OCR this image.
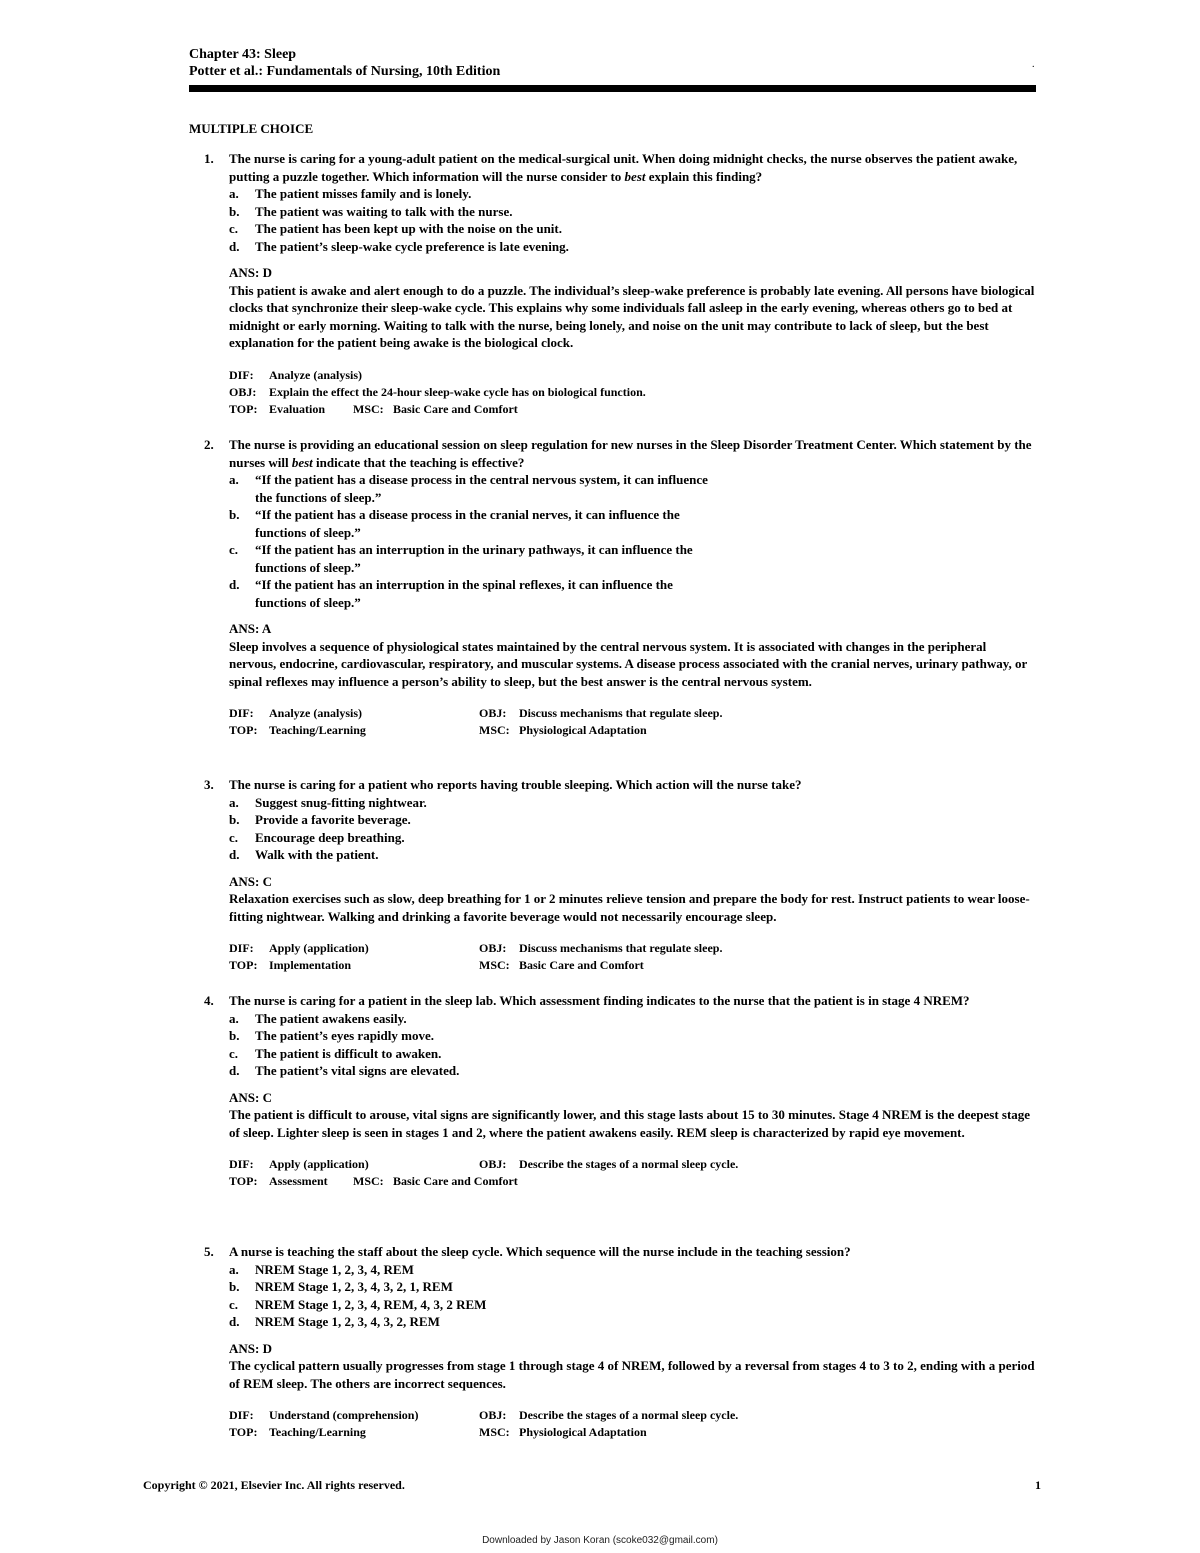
Chapter 43: Sleep
Potter et al.: Fundamentals of Nursing, 10th Edition	.
MULTIPLE CHOICE
1. The nurse is caring for a young-adult patient on the medical-surgical unit. When doing midnight checks, the nurse observes the patient awake, putting a puzzle together. Which information will the nurse consider to best explain this finding?
a. The patient misses family and is lonely.
b. The patient was waiting to talk with the nurse.
c. The patient has been kept up with the noise on the unit.
d. The patient’s sleep-wake cycle preference is late evening.
ANS: D
This patient is awake and alert enough to do a puzzle. The individual’s sleep-wake preference is probably late evening. All persons have biological clocks that synchronize their sleep-wake cycle. This explains why some individuals fall asleep in the early evening, whereas others go to bed at midnight or early morning. Waiting to talk with the nurse, being lonely, and noise on the unit may contribute to lack of sleep, but the best explanation for the patient being awake is the biological clock.
DIF: Analyze (analysis)
OBJ: Explain the effect the 24-hour sleep-wake cycle has on biological function.
TOP: Evaluation MSC: Basic Care and Comfort
2. The nurse is providing an educational session on sleep regulation for new nurses in the Sleep Disorder Treatment Center. Which statement by the nurses will best indicate that the teaching is effective?
a. “If the patient has a disease process in the central nervous system, it can influence
the functions of sleep.”
b. “If the patient has a disease process in the cranial nerves, it can influence the
functions of sleep.”
c. “If the patient has an interruption in the urinary pathways, it can influence the
functions of sleep.”
d. “If the patient has an interruption in the spinal reflexes, it can influence the
functions of sleep.”
ANS: A
Sleep involves a sequence of physiological states maintained by the central nervous system. It is associated with changes in the peripheral nervous, endocrine, cardiovascular, respiratory, and muscular systems. A disease process associated with the cranial nerves, urinary pathway, or spinal reflexes may influence a person’s ability to sleep, but the best answer is the central nervous system.
DIF: Analyze (analysis)	OBJ: Discuss mechanisms that regulate sleep.
TOP: Teaching/Learning	MSC: Physiological Adaptation
3. The nurse is caring for a patient who reports having trouble sleeping. Which action will the nurse take?
a. Suggest snug-fitting nightwear.
b. Provide a favorite beverage.
c. Encourage deep breathing.
d. Walk with the patient.
ANS: C
Relaxation exercises such as slow, deep breathing for 1 or 2 minutes relieve tension and prepare the body for rest. Instruct patients to wear loose-fitting nightwear. Walking and drinking a favorite beverage would not necessarily encourage sleep.
DIF: Apply (application)	OBJ: Discuss mechanisms that regulate sleep.
TOP: Implementation	MSC: Basic Care and Comfort
4. The nurse is caring for a patient in the sleep lab. Which assessment finding indicates to the nurse that the patient is in stage 4 NREM?
a. The patient awakens easily.
b. The patient’s eyes rapidly move.
c. The patient is difficult to awaken.
d. The patient’s vital signs are elevated.
ANS: C
The patient is difficult to arouse, vital signs are significantly lower, and this stage lasts about 15 to 30 minutes. Stage 4 NREM is the deepest stage of sleep. Lighter sleep is seen in stages 1 and 2, where the patient awakens easily. REM sleep is characterized by rapid eye movement.
DIF: Apply (application)	OBJ: Describe the stages of a normal sleep cycle.
TOP: Assessment MSC: Basic Care and Comfort
5. A nurse is teaching the staff about the sleep cycle. Which sequence will the nurse include in the teaching session?
a. NREM Stage 1, 2, 3, 4, REM
b. NREM Stage 1, 2, 3, 4, 3, 2, 1, REM
c. NREM Stage 1, 2, 3, 4, REM, 4, 3, 2 REM
d. NREM Stage 1, 2, 3, 4, 3, 2, REM
ANS: D
The cyclical pattern usually progresses from stage 1 through stage 4 of NREM, followed by a reversal from stages 4 to 3 to 2, ending with a period of REM sleep. The others are incorrect sequences.
DIF: Understand (comprehension)	OBJ: Describe the stages of a normal sleep cycle.
TOP: Teaching/Learning	MSC: Physiological Adaptation
Copyright © 2021, Elsevier Inc. All rights reserved.	1
Downloaded by Jason Koran (scoke032@gmail.com)
